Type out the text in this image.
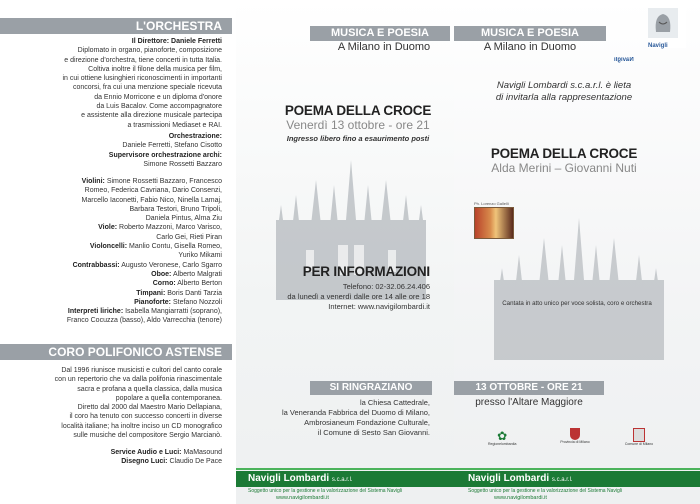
L'ORCHESTRA
Il Direttore: Daniele Ferretti
Diplomato in organo, pianoforte, composizione
e direzione d'orchestra, tiene concerti in tutta Italia.
Coltiva inoltre il filone della musica per film,
in cui ottiene lusinghieri riconoscimenti in importanti
concorsi, fra cui una menzione speciale ricevuta
da Ennio Morricone e un diploma d'onore
da Luis Bacalov. Come accompagnatore
e assistente alla direzione musicale partecipa
a trasmissioni Mediaset e RAI.
Orchestrazione:
Daniele Ferretti, Stefano Cisotto
Supervisore orchestrazione archi:
Simone Rossetti Bazzaro
Violini: Simone Rossetti Bazzaro, Francesco
Romeo, Federica Cavriana, Dario Consenzi,
Marcello Iaconetti, Fabio Nico, Ninella Lamaj,
Barbara Testori, Bruno Tripoli,
Daniela Pintus, Alma Ziu
Viole: Roberto Mazzoni, Marco Varisco,
Carlo Gei, Rieti Piran
Violoncelli: Manlio Contu, Gisella Romeo,
Yuriko Mikami
Contrabbassi: Augusto Veronese, Carlo Sgarro
Oboe: Alberto Malgrati
Corno: Alberto Berton
Timpani: Boris Danti Tarzia
Pianoforte: Stefano Nozzoli
Interpreti liriche: Isabella Mangiarratti (soprano),
Franco Cocuzza (basso), Aldo Varrecchia (tenore)
CORO POLIFONICO ASTENSE
Dal 1996 riunisce musicisti e cultori del canto corale
con un repertorio che va dalla polifonia rinascimentale
sacra e profana a quella classica, dalla musica
popolare a quella contemporanea.
Diretto dal 2000 dal Maestro Mario Dellapiana,
il coro ha tenuto con successo concerti in diverse
località italiane; ha inoltre inciso un CD monografico
sulle musiche del compositore Sergio Marcianò.
Service Audio e Luci: MaMasound
Disegno Luci: Claudio De Pace
MUSICA E POESIA
A Milano in Duomo
POEMA DELLA CROCE
Venerdì 13 ottobre - ore 21
Ingresso libero fino a esaurimento posti
PER INFORMAZIONI
Telefono: 02-32.06.24.406
da lunedì a venerdì dalle ore 14 alle ore 18
Internet: www.navigilombardi.it
SI RINGRAZIANO
la Chiesa Cattedrale,
la Veneranda Fabbrica del Duomo di Milano,
Ambrosianeum Fondazione Culturale,
il Comune di Sesto San Giovanni.
Navigli Lombardi s.c.a.r.l.
Soggetto unico per la gestione e la valorizzazione del Sistema Navigli
www.navigilombardi.it
MUSICA E POESIA
A Milano in Duomo	Navigli
Navigli
Navigli Lombardi s.c.a.r.l. è lieta
di invitarla alla rappresentazione
POEMA DELLA CROCE
Alda Merini – Giovanni Nuti
Ph. Lorenzo Gallelli
Cantata in atto unico per voce solista, coro e orchestra
13 OTTOBRE - ORE 21
presso l'Altare Maggiore
✿
Regionelombardia	Provincia di Milano	Comune di Milano
Navigli Lombardi s.c.a.r.l.
Soggetto unico per la gestione e la valorizzazione del Sistema Navigli
www.navigilombardi.it
